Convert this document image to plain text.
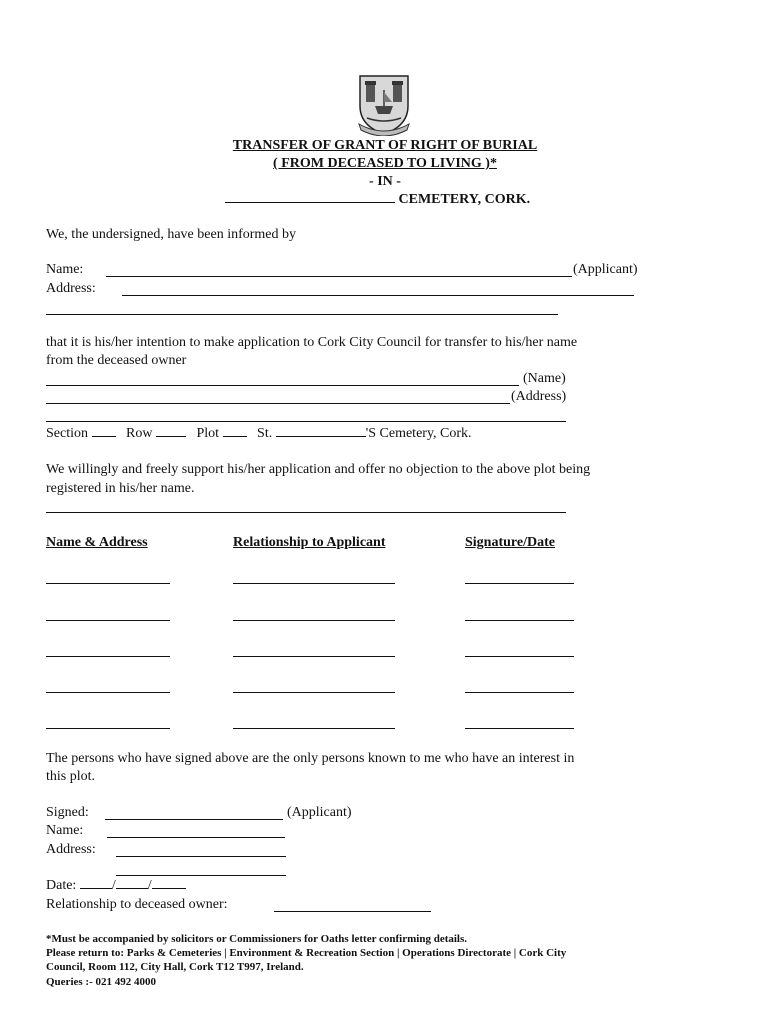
TRANSFER OF GRANT OF RIGHT OF BURIAL
( FROM DECEASED TO LIVING )*
- IN -
CEMETERY, CORK.
We, the undersigned, have been informed by
Name:	(Applicant)
Address:
that it is his/her intention to make application to Cork City Council for transfer to his/her name
from the deceased owner
(Name)
(Address)
Section	Row	Plot	St.	'S Cemetery, Cork.
We willingly and freely support his/her application and offer no objection to the above plot being
registered in his/her name.
Name & Address	Relationship to Applicant	Signature/Date
The persons who have signed above are the only persons known to me who have an interest in
this plot.
Signed:	(Applicant)
Name:
Address:
Date:	/ /
Relationship to deceased owner:
*Must be accompanied by solicitors or Commissioners for Oaths letter confirming details.
Please return to: Parks & Cemeteries | Environment & Recreation Section | Operations Directorate | Cork City
Council, Room 112, City Hall, Cork T12 T997, Ireland.
Queries :- 021 492 4000
